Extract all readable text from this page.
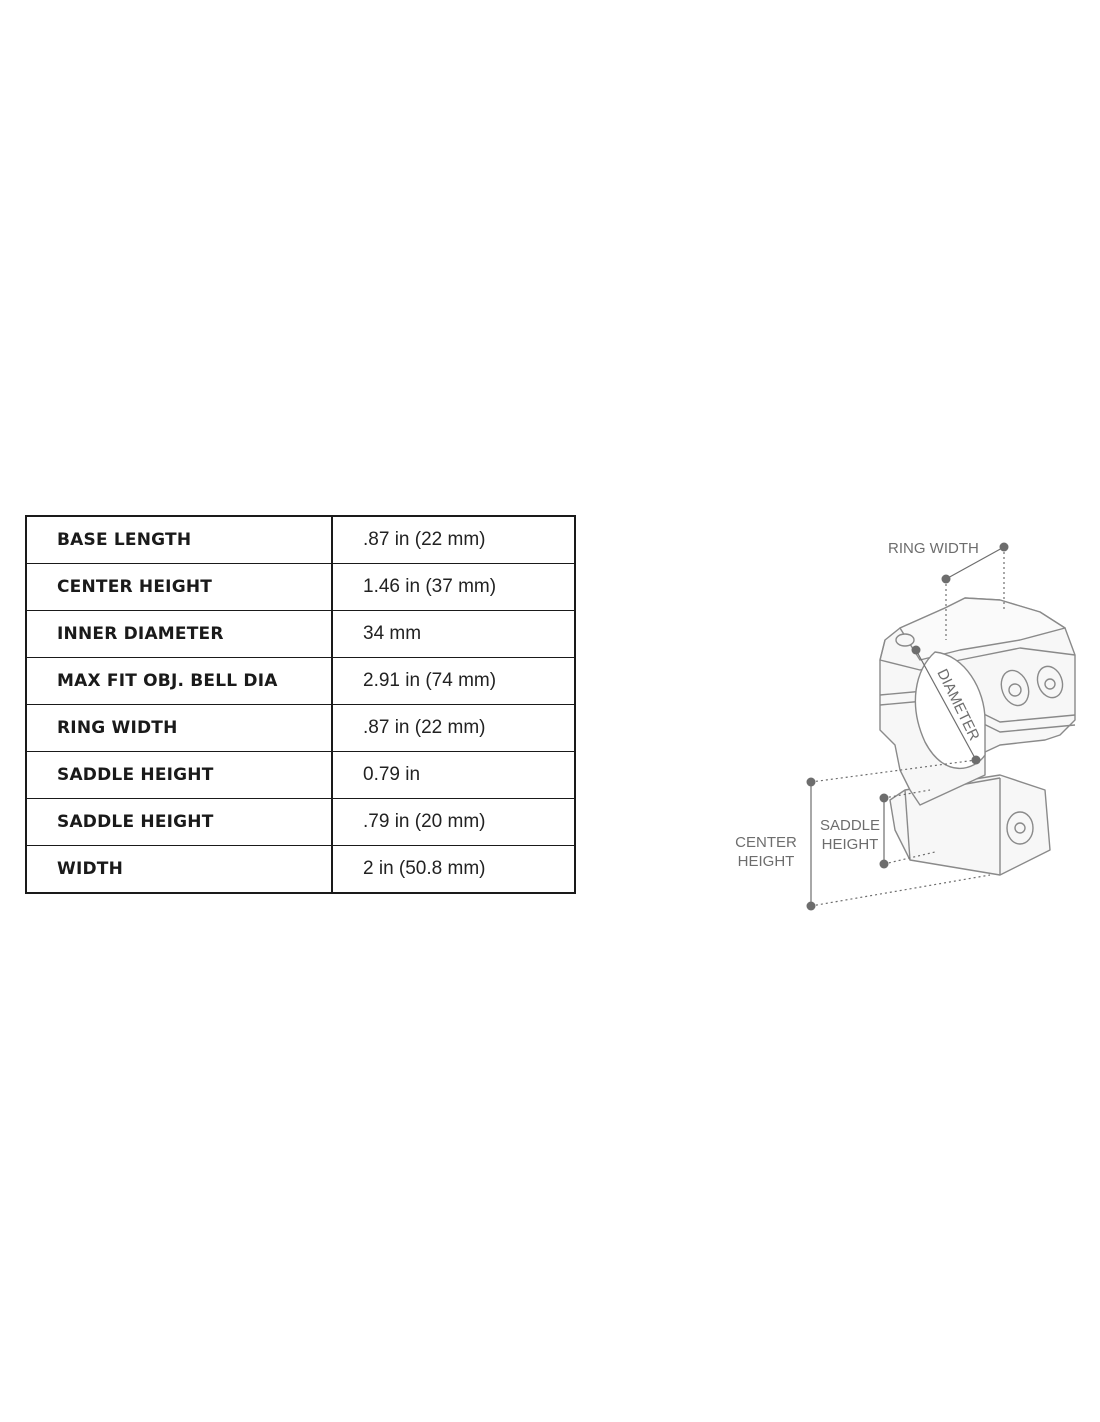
BASE LENGTH	.87 in (22 mm)
CENTER HEIGHT	1.46 in (37 mm)
INNER DIAMETER	34 mm
MAX FIT OBJ. BELL DIA	2.91 in (74 mm)
RING WIDTH	.87 in (22 mm)
SADDLE HEIGHT	0.79 in
SADDLE HEIGHT	.79 in (20 mm)
WIDTH	2 in (50.8 mm)
RING WIDTH
DIAMETER
SADDLE
HEIGHT
CENTER
HEIGHT
